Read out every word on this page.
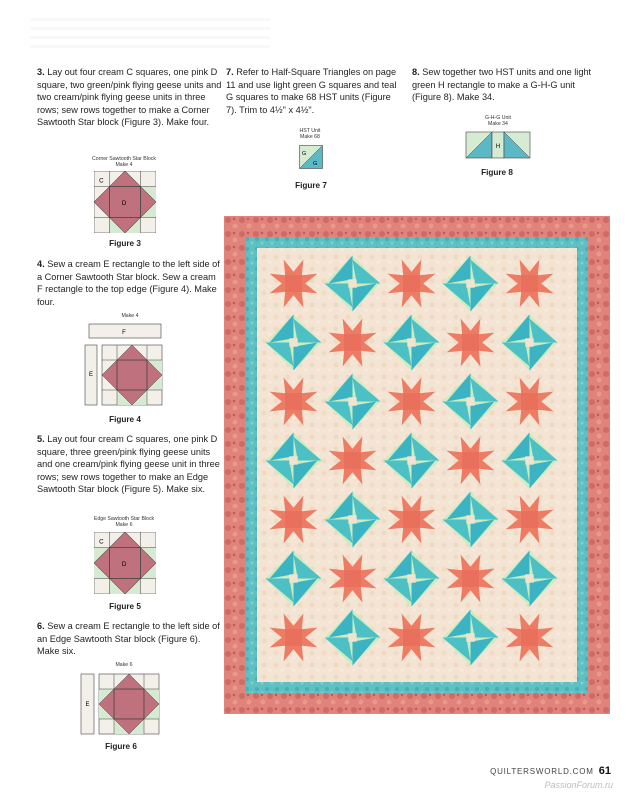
3. Lay out four cream C squares, one pink D square, two green/pink flying geese units and two cream/pink flying geese units in three rows; sew rows together to make a Corner Sawtooth Star block (Figure 3). Make four.
Corner Sawtooth Star Block
Make 4
C
D
Figure 3
4. Sew a cream E rectangle to the left side of a Corner Sawtooth Star block. Sew a cream F rectangle to the top edge (Figure 4). Make four.
Make 4
F
E
Figure 4
5. Lay out four cream C squares, one pink D square, three green/pink flying geese units and one cream/pink flying geese unit in three rows; sew rows together to make an Edge Sawtooth Star block (Figure 5). Make six.
Edge Sawtooth Star Block
Make 6
C
D
Figure 5
6. Sew a cream E rectangle to the left side of an Edge Sawtooth Star block (Figure 6). Make six.
Make 6
E
Figure 6
7. Refer to Half-Square Triangles on page 11 and use light green G squares and teal G squares to make 68 HST units (Figure 7). Trim to 4½" x 4½".
HST Unit
Make 68
G
G
Figure 7
8. Sew together two HST units and one light green H rectangle to make a G-H-G unit (Figure 8). Make 34.
G-H-G Unit
Make 34
H
Figure 8
QUILTERSWORLD.COM 61
PassionForum.ru
